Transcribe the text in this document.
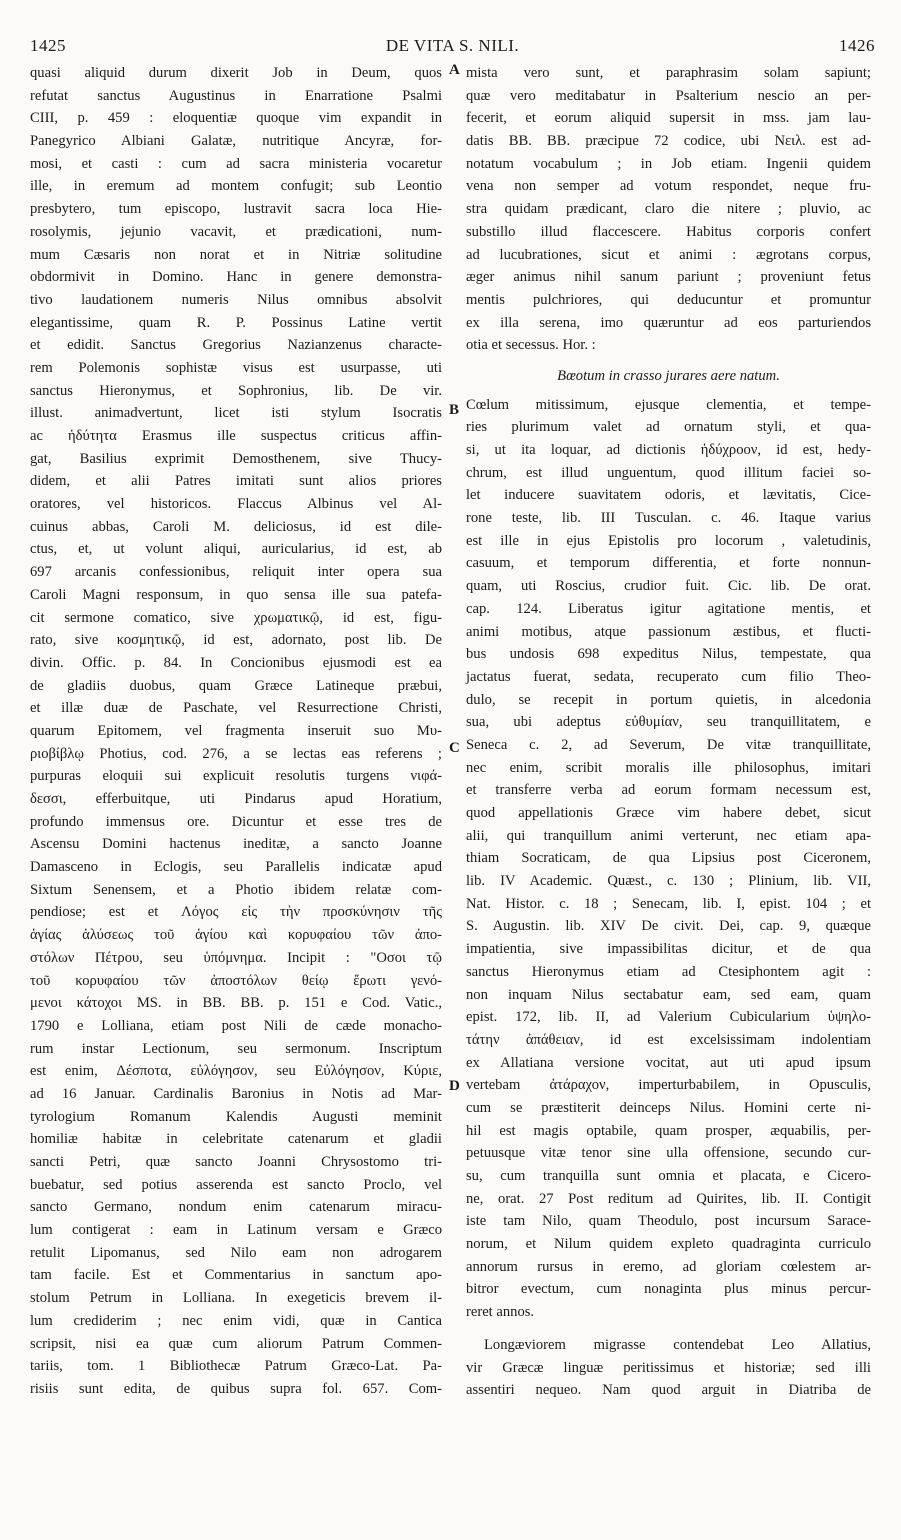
1425	DE VITA S. NILI.	1426
A
B
C
D
quasi aliquid durum dixerit Job in Deum, quos
refutat sanctus Augustinus in Enarratione Psalmi
CIII, p. 459 : eloquentiæ quoque vim expandit in
Panegyrico Albiani Galatæ, nutritique Ancyræ, for-
mosi, et casti : cum ad sacra ministeria vocaretur
ille, in eremum ad montem confugit; sub Leontio
presbytero, tum episcopo, lustravit sacra loca Hie-
rosolymis, jejunio vacavit, et prædicationi, num-
mum Cæsaris non norat et in Nitriæ solitudine
obdormivit in Domino. Hanc in genere demonstra-
tivo laudationem numeris Nilus omnibus absolvit
elegantissime, quam R. P. Possinus Latine vertit
et edidit. Sanctus Gregorius Nazianzenus characte-
rem Polemonis sophistæ visus est usurpasse, uti
sanctus Hieronymus, et Sophronius, lib. De vir.
illust. animadvertunt, licet isti stylum Isocratis
ac ἡδύτητα Erasmus ille suspectus criticus affin-
gat, Basilius exprimit Demosthenem, sive Thucy-
didem, et alii Patres imitati sunt alios priores
oratores, vel historicos. Flaccus Albinus vel Al-
cuinus abbas, Caroli M. deliciosus, id est dile-
ctus, et, ut volunt aliqui, auricularius, id est, ab
697 arcanis confessionibus, reliquit inter opera sua
Caroli Magni responsum, in quo sensa ille sua patefa-
cit sermone comatico, sive χρωματικῷ, id est, figu-
rato, sive κοσμητικῷ, id est, adornato, post lib. De
divin. Offic. p. 84. In Concionibus ejusmodi est ea
de gladiis duobus, quam Græce Latineque præbui,
et illæ duæ de Paschate, vel Resurrectione Christi,
quarum Epitomem, vel fragmenta inseruit suo Μυ-
ριοβίβλῳ Photius, cod. 276, a se lectas eas referens ;
purpuras eloquii sui explicuit resolutis turgens νιφά-
δεσσι, efferbuitque, uti Pindarus apud Horatium,
profundo immensus ore. Dicuntur et esse tres de
Ascensu Domini hactenus ineditæ, a sancto Joanne
Damasceno in Eclogis, seu Parallelis indicatæ apud
Sixtum Senensem, et a Photio ibidem relatæ com-
pendiose; est et Λόγος εἰς τὴν προσκύνησιν τῆς
ἁγίας ἁλύσεως τοῦ ἁγίου καὶ κορυφαίου τῶν ἀπο-
στόλων Πέτρου, seu ὑπόμνημα. Incipit : "Οσοι τῷ
τοῦ κορυφαίου τῶν ἀποστόλων θείῳ ἔρωτι γενό-
μενοι κάτοχοι MS. in BB. BB. p. 151 e Cod. Vatic.,
1790 e Lolliana, etiam post Nili de cæde monacho-
rum instar Lectionum, seu sermonum. Inscriptum
est enim, Δέσποτα, εὐλόγησον, seu Εὐλόγησον, Κύριε,
ad 16 Januar. Cardinalis Baronius in Notis ad Mar-
tyrologium Romanum Kalendis Augusti meminit
homiliæ habitæ in celebritate catenarum et gladii
sancti Petri, quæ sancto Joanni Chrysostomo tri-
buebatur, sed potius asserenda est sancto Proclo, vel
sancto Germano, nondum enim catenarum miracu-
lum contigerat : eam in Latinum versam e Græco
retulit Lipomanus, sed Nilo eam non adrogarem
tam facile. Est et Commentarius in sanctum apo-
stolum Petrum in Lolliana. In exegeticis brevem il-
lum crediderim ; nec enim vidi, quæ in Cantica
scripsit, nisi ea quæ cum aliorum Patrum Commen-
tariis, tom. 1 Bibliothecæ Patrum Græco-Lat. Pa-
risiis sunt edita, de quibus supra fol. 657. Com-
mista vero sunt, et paraphrasim solam sapiunt;
quæ vero meditabatur in Psalterium nescio an per-
fecerit, et eorum aliquid supersit in mss. jam lau-
datis BB. BB. præcipue 72 codice, ubi Νειλ. est ad-
notatum vocabulum ; in Job etiam. Ingenii quidem
vena non semper ad votum respondet, neque fru-
stra quidam prædicant, claro die nitere ; pluvio, ac
substillo illud flaccescere. Habitus corporis confert
ad lucubrationes, sicut et animi : ægrotans corpus,
æger animus nihil sanum pariunt ; proveniunt fetus
mentis pulchriores, qui deducuntur et promuntur
ex illa serena, imo quæruntur ad eos parturiendos
otia et secessus. Hor. :
Bœotum in crasso jurares aere natum.
Cœlum mitissimum, ejusque clementia, et tempe-
ries plurimum valet ad ornatum styli, et qua-
si, ut ita loquar, ad dictionis ἡδύχροον, id est, hedy-
chrum, est illud unguentum, quod illitum faciei so-
let inducere suavitatem odoris, et lævitatis, Cice-
rone teste, lib. III Tusculan. c. 46. Itaque varius
est ille in ejus Epistolis pro locorum , valetudinis,
casuum, et temporum differentia, et forte nonnun-
quam, uti Roscius, crudior fuit. Cic. lib. De orat.
cap. 124. Liberatus igitur agitatione mentis, et
animi motibus, atque passionum æstibus, et flucti-
bus undosis 698 expeditus Nilus, tempestate, qua
jactatus fuerat, sedata, recuperato cum filio Theo-
dulo, se recepit in portum quietis, in alcedonia
sua, ubi adeptus εὐθυμίαν, seu tranquillitatem, e
Seneca c. 2, ad Severum, De vitæ tranquillitate,
nec enim, scribit moralis ille philosophus, imitari
et transferre verba ad eorum formam necessum est,
quod appellationis Græce vim habere debet, sicut
alii, qui tranquillum animi verterunt, nec etiam apa-
thiam Socraticam, de qua Lipsius post Ciceronem,
lib. IV Academic. Quæst., c. 130 ; Plinium, lib. VII,
Nat. Histor. c. 18 ; Senecam, lib. I, epist. 104 ; et
S. Augustin. lib. XIV De civit. Dei, cap. 9, quæque
impatientia, sive impassibilitas dicitur, et de qua
sanctus Hieronymus etiam ad Ctesiphontem agit :
non inquam Nilus sectabatur eam, sed eam, quam
epist. 172, lib. II, ad Valerium Cubicularium ὑψηλο-
τάτην ἀπάθειαν, id est excelsissimam indolentiam
ex Allatiana versione vocitat, aut uti apud ipsum
vertebam ἀτάραχον, imperturbabilem, in Opusculis,
cum se præstiterit deinceps Nilus. Homini certe ni-
hil est magis optabile, quam prosper, æquabilis, per-
petuusque vitæ tenor sine ulla offensione, secundo cur-
su, cum tranquilla sunt omnia et placata, e Cicero-
ne, orat. 27 Post reditum ad Quirites, lib. II. Contigit
iste tam Nilo, quam Theodulo, post incursum Sarace-
norum, et Nilum quidem expleto quadraginta curriculo
annorum rursus in eremo, ad gloriam cœlestem ar-
bitror evectum, cum nonaginta plus minus percur-
reret annos.
Longæviorem migrasse contendebat Leo Allatius,
vir Græcæ linguæ peritissimus et historiæ; sed illi
assentiri nequeo. Nam quod arguit in Diatriba de
